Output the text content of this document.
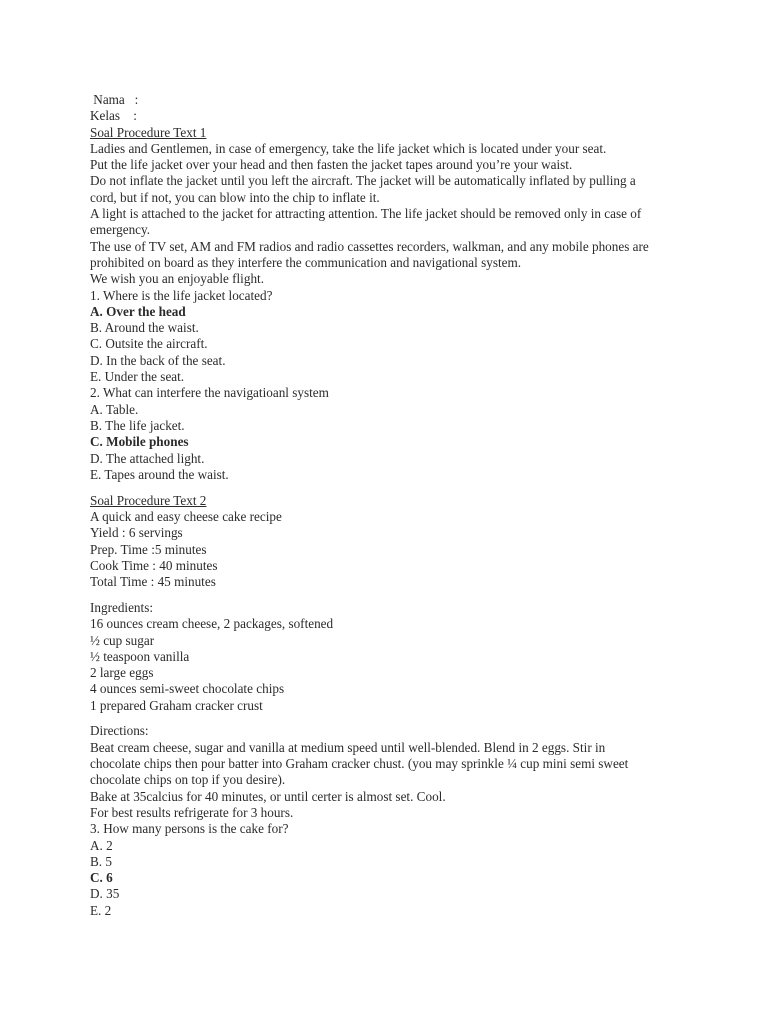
Nama   :
Kelas    :
Soal Procedure Text 1
Ladies and Gentlemen, in case of emergency, take the life jacket which is located under your seat.
Put the life jacket over your head and then fasten the jacket tapes around you’re your waist.
Do not inflate the jacket until you left the aircraft. The jacket will be automatically inflated by pulling a
cord, but if not, you can blow into the chip to inflate it.
A light is attached to the jacket for attracting attention. The life jacket should be removed only in case of
emergency.
The use of TV set, AM and FM radios and radio cassettes recorders, walkman, and any mobile phones are
prohibited on board as they interfere the communication and navigational system.
We wish you an enjoyable flight.
1. Where is the life jacket located?
A. Over the head
B. Around the waist.
C. Outsite the aircraft.
D. In the back of the seat.
E. Under the seat.
2. What can interfere the navigatioanl system
A. Table.
B. The life jacket.
C. Mobile phones
D. The attached light.
E. Tapes around the waist.
Soal Procedure Text 2
A quick and easy cheese cake recipe
Yield : 6 servings
Prep. Time :5 minutes
Cook Time : 40 minutes
Total Time : 45 minutes
Ingredients:
16 ounces cream cheese, 2 packages, softened
½ cup sugar
½ teaspoon vanilla
2 large eggs
4 ounces semi-sweet chocolate chips
1 prepared Graham cracker crust
Directions:
Beat cream cheese, sugar and vanilla at medium speed until well-blended. Blend in 2 eggs. Stir in
chocolate chips then pour batter into Graham cracker chust. (you may sprinkle ¼ cup mini semi sweet
chocolate chips on top if you desire).
Bake at 35calcius for 40 minutes, or until certer is almost set. Cool.
For best results refrigerate for 3 hours.
3. How many persons is the cake for?
A. 2
B. 5
C. 6
D. 35
E. 2
